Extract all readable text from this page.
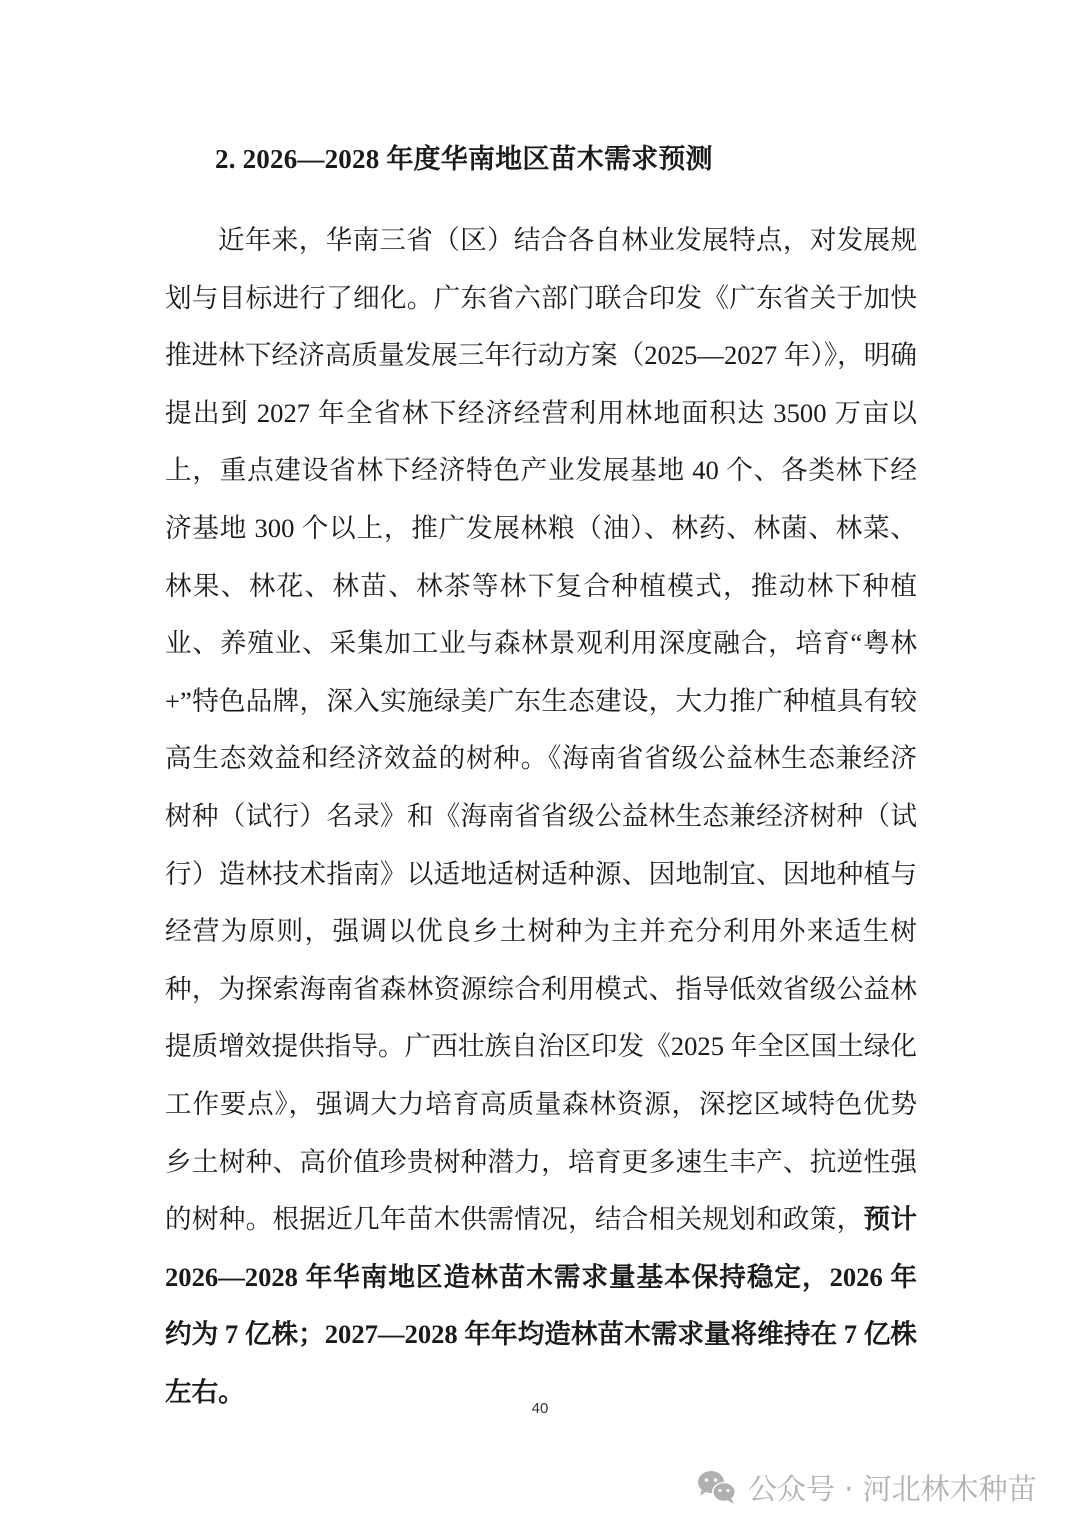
2. 2026—2028 年度华南地区苗木需求预测

近年来，华南三省（区）结合各自林业发展特点，对发展规划与目标进行了细化。广东省六部门联合印发《广东省关于加快推进林下经济高质量发展三年行动方案（2025—2027 年）》，明确提出到 2027 年全省林下经济经营利用林地面积达 3500 万亩以上，重点建设省林下经济特色产业发展基地 40 个、各类林下经济基地 300 个以上，推广发展林粮（油）、林药、林菌、林菜、林果、林花、林苗、林茶等林下复合种植模式，推动林下种植业、养殖业、采集加工业与森林景观利用深度融合，培育“粤林+”特色品牌，深入实施绿美广东生态建设，大力推广种植具有较高生态效益和经济效益的树种。《海南省省级公益林生态兼经济树种（试行）名录》和《海南省省级公益林生态兼经济树种（试行）造林技术指南》以适地适树适种源、因地制宜、因地种植与经营为原则，强调以优良乡土树种为主并充分利用外来适生树种，为探索海南省森林资源综合利用模式、指导低效省级公益林提质增效提供指导。广西壮族自治区印发《2025 年全区国土绿化工作要点》，强调大力培育高质量森林资源，深挖区域特色优势乡土树种、高价值珍贵树种潜力，培育更多速生丰产、抗逆性强的树种。根据近几年苗木供需情况，结合相关规划和政策，预计 2026—2028 年华南地区造林苗木需求量基本保持稳定，2026 年约为 7 亿株；2027—2028 年年均造林苗木需求量将维持在 7 亿株左右。

40
公众号 · 河北林木种苗
